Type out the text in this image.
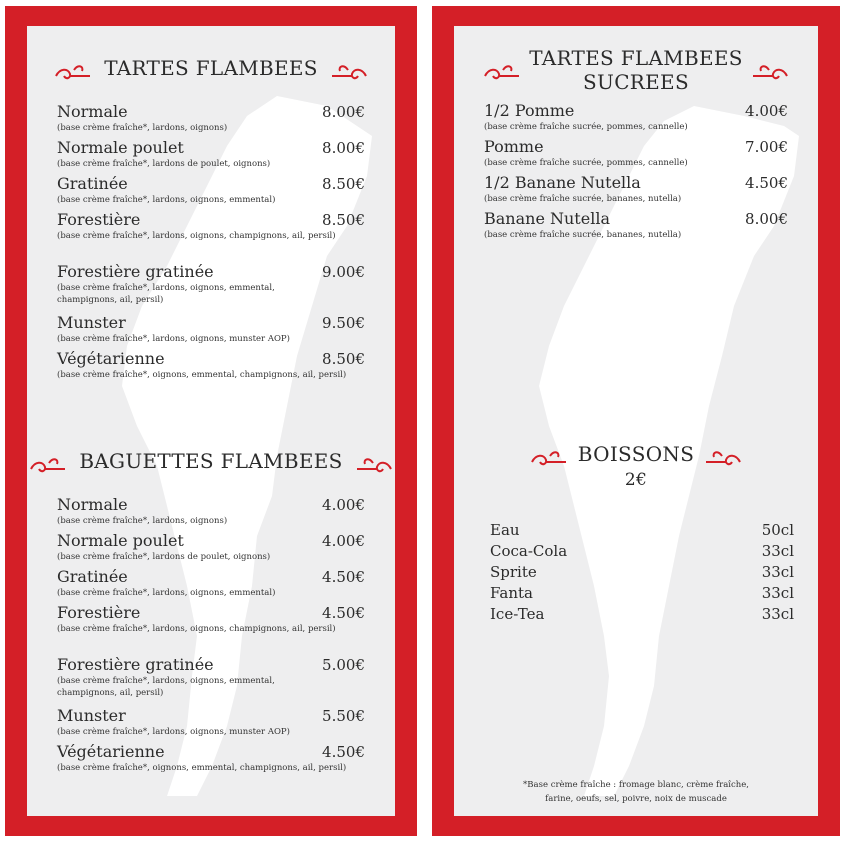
TARTES FLAMBEES
Normale	8.00€
(base crème fraîche*, lardons, oignons)
Normale poulet	8.00€
(base crème fraîche*, lardons de poulet, oignons)
Gratinée	8.50€
(base crème fraîche*, lardons, oignons, emmental)
Forestière	8.50€
(base crème fraîche*, lardons, oignons, champignons, ail, persil)
Forestière gratinée	9.00€
(base crème fraîche*, lardons, oignons, emmental, champignons, ail, persil)
Munster	9.50€
(base crème fraîche*, lardons, oignons, munster AOP)
Végétarienne	8.50€
(base crème fraîche*, oignons, emmental, champignons, ail, persil)
BAGUETTES FLAMBEES
Normale	4.00€
(base crème fraîche*, lardons, oignons)
Normale poulet	4.00€
(base crème fraîche*, lardons de poulet, oignons)
Gratinée	4.50€
(base crème fraîche*, lardons, oignons, emmental)
Forestière	4.50€
(base crème fraîche*, lardons, oignons, champignons, ail, persil)
Forestière gratinée	5.00€
(base crème fraîche*, lardons, oignons, emmental, champignons, ail, persil)
Munster	5.50€
(base crème fraîche*, lardons, oignons, munster AOP)
Végétarienne	4.50€
(base crème fraîche*, oignons, emmental, champignons, ail, persil)
TARTES FLAMBEES
SUCREES
1/2 Pomme	4.00€
(base crème fraîche sucrée, pommes, cannelle)
Pomme	7.00€
(base crème fraîche sucrée, pommes, cannelle)
1/2 Banane Nutella	4.50€
(base crème fraîche sucrée, bananes, nutella)
Banane Nutella	8.00€
(base crème fraîche sucrée, bananes, nutella)
BOISSONS
2€
Eau	50cl
Coca-Cola	33cl
Sprite	33cl
Fanta	33cl
Ice-Tea	33cl
*Base crème fraîche : fromage blanc, crème fraîche,
farine, oeufs, sel, poivre, noix de muscade
